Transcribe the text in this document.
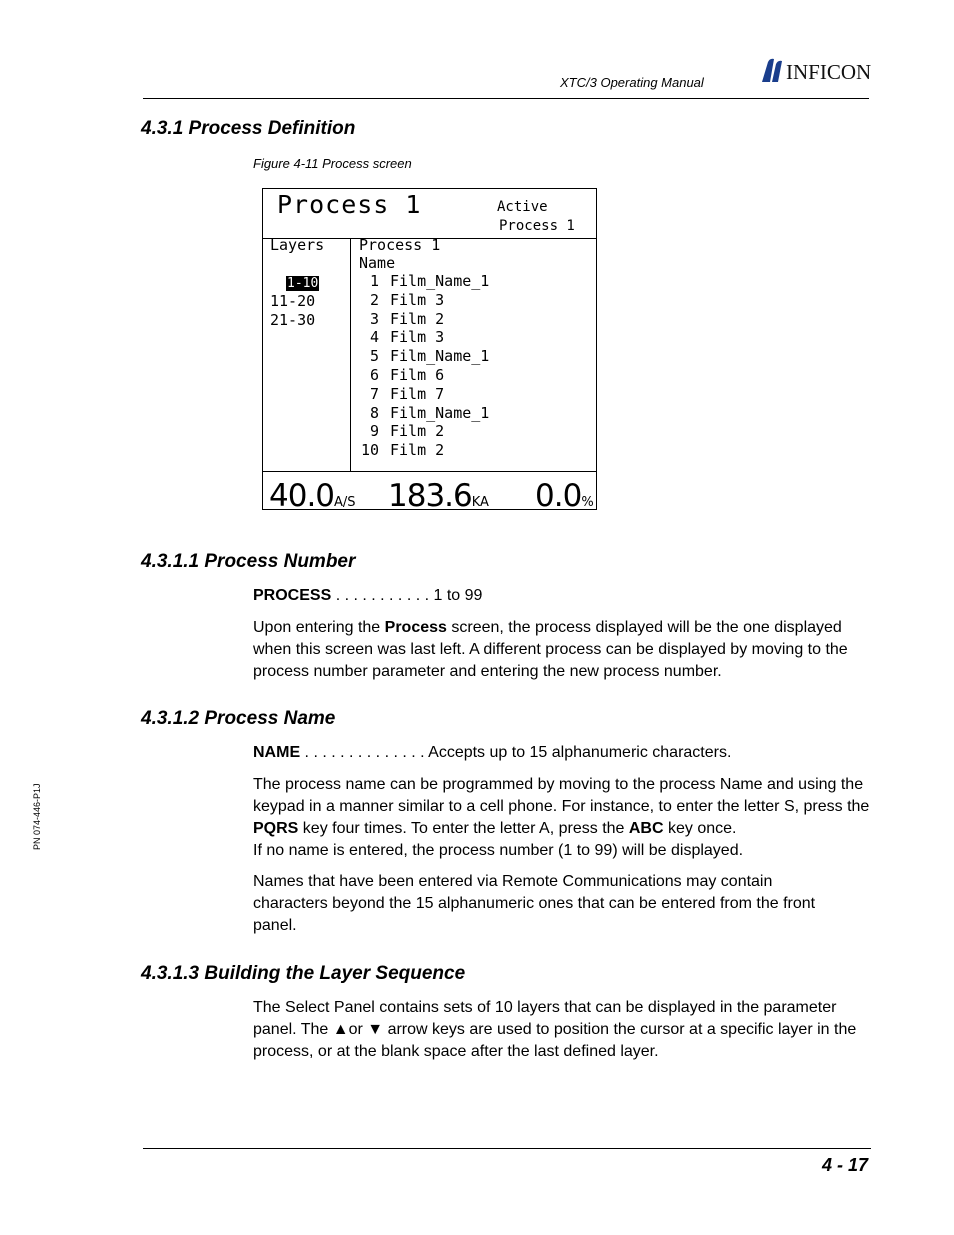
XTC/3 Operating Manual	INFICON
PN 074-446-P1J
4.3.1 Process Definition
Figure 4-11 Process screen
Process 1	Active
Process 1
Layers
1-10
11-20
21-30
Process 1
Name
1 Film_Name_1
2 Film 3
3 Film 2
4 Film 3
5 Film_Name_1
6 Film 6
7 Film 7
8 Film_Name_1
9 Film 2
10 Film 2
40.0A/S 183.6KA 0.0%
4.3.1.1 Process Number
PROCESS . . . . . . . . . . . 1 to 99
Upon entering the Process screen, the process displayed will be the one displayed when this screen was last left. A different process can be displayed by moving to the process number parameter and entering the new process number.
4.3.1.2 Process Name
NAME . . . . . . . . . . . . . . Accepts up to 15 alphanumeric characters.
The process name can be programmed by moving to the process Name and using the keypad in a manner similar to a cell phone. For instance, to enter the letter S, press the PQRS key four times. To enter the letter A, press the ABC key once.
If no name is entered, the process number (1 to 99) will be displayed.
Names that have been entered via Remote Communications may contain characters beyond the 15 alphanumeric ones that can be entered from the front panel.
4.3.1.3 Building the Layer Sequence
The Select Panel contains sets of 10 layers that can be displayed in the parameter panel. The ▲or ▼ arrow keys are used to position the cursor at a specific layer in the process, or at the blank space after the last defined layer.
4 - 17
